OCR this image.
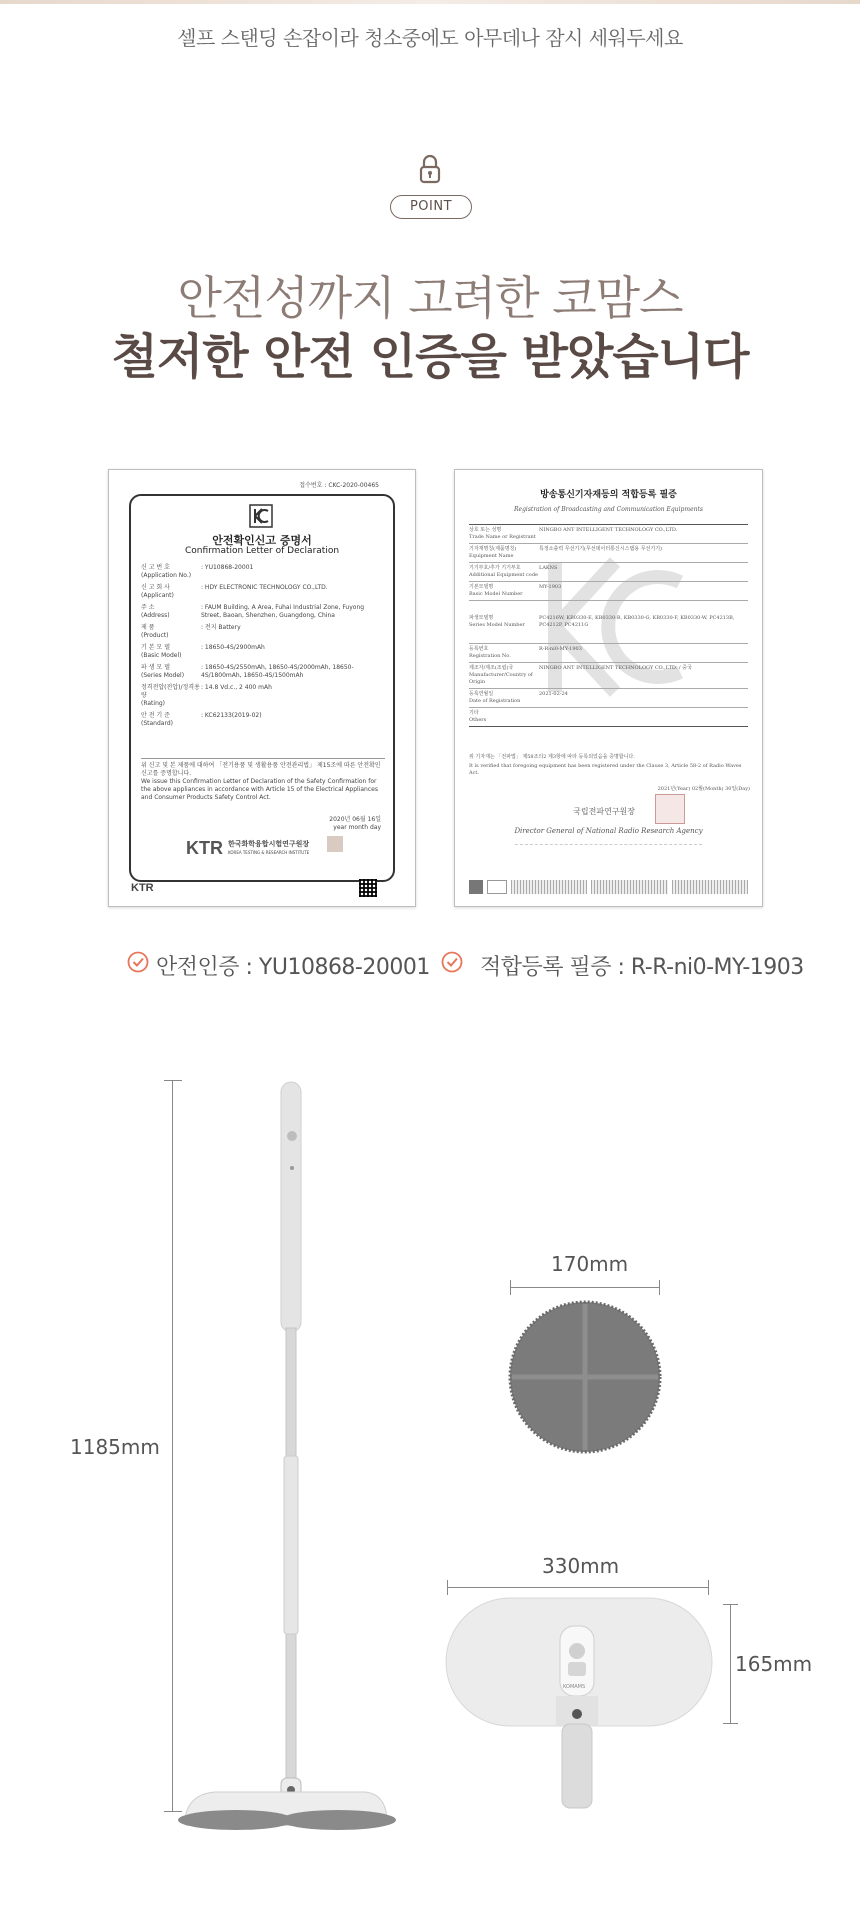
셀프 스탠딩 손잡이라 청소중에도 아무데나 잠시 세워두세요
POINT
안전성까지 고려한 코맘스
철저한 안전 인증을 받았습니다
접수번호 : CKC-2020-00465
안전확인신고 증명서
Confirmation Letter of Declaration
신 고 번 호
(Application No.)
: YU10868-20001
신 고 회 사
(Applicant)
: HDY ELECTRONIC TECHNOLOGY CO.,LTD.
주 소
(Address)
: FAUM Building, A Area, Fuhai Industrial Zone, Fuyong Street, Baoan, Shenzhen, Guangdong, China
제 품
(Product)
: 전지 Battery
기 본 모 델
(Basic Model)
: 18650-4S/2900mAh
파 생 모 델
(Series Model)
: 18650-4S/2550mAh, 18650-4S/2000mAh, 18650-4S/1800mAh, 18650-4S/1500mAh
정격전압(전압)/정격용량
(Rating)
: 14.8 Vd.c., 2 400 mAh
안 전 기 준
(Standard)
: KC62133(2019-02)
위 신고 및 본 제품에 대하여 「전기용품 및 생활용품 안전관리법」 제15조에 따른 안전확인신고를 증명합니다.
We issue this Confirmation Letter of Declaration of the Safety Confirmation for the above appliances in accordance with Article 15 of the Electrical Appliances and Consumer Products Safety Control Act.
2020년 06월 16일
year month day
KTR 한국화학융합시험연구원장
KOREA TESTING & RESEARCH INSTITUTE
KTR
방송통신기자재등의 적합등록 필증
Registration of Broadcasting and Communication Equipments
상호 또는 성명
Trade Name or Registrant
NINGBO ANT INTELLIGENT TECHNOLOGY CO.,LTD.
기자재명칭(제품명칭)
Equipment Name
특정소출력 무선기기(무선데이터통신시스템용 무선기기)
기기부호/추가 기기부호
Additional Equipment code
LAKNS
기본모델명
Basic Model Number
MY-1903
파생모델명
Series Model Number
PC4216W, KB0330-E, KB0330-B, KB0330-G, KB0330-F, KB0330-W, PC4213B, PC4212P, PC4211G
등록번호
Registration No.
R-R-ni0-MY-1903
제조자/제조(조립)국
Manufacturer/Country of Origin
NINGBO ANT INTELLIGENT TECHNOLOGY CO.,LTD. / 중국
등록연월일
Date of Registration
2021-02-24
기타
Others
위 기자재는 「전파법」 제58조의2 제3항에 따라 등록되었음을 증명합니다.
It is verified that foregoing equipment has been registered under the Clause 3, Article 58-2 of Radio Waves Act.
2021년(Year) 02월(Month) 30일(Day)
국립전파연구원장
Director General of National Radio Research Agency
안전인증 : YU10868-20001 적합등록 필증 : R-R-ni0-MY-1903
1185mm
170mm
330mm
165mm
KOMAMS
